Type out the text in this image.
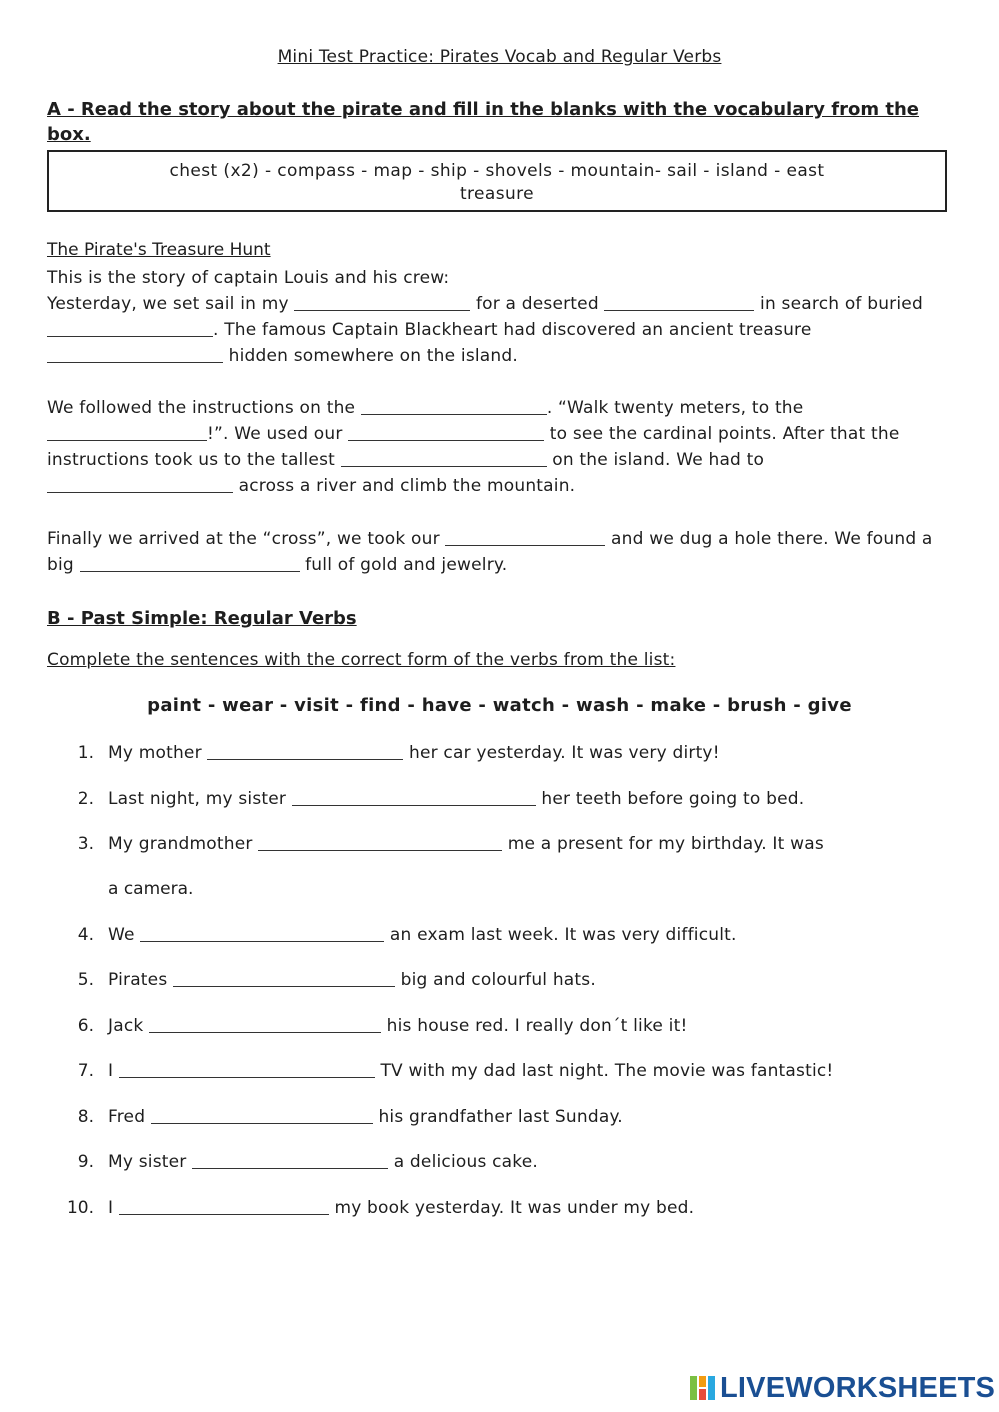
Mini Test Practice: Pirates Vocab and Regular Verbs
A - Read the story about the pirate and fill in the blanks with the vocabulary from the box.
chest (x2) - compass - map - ship - shovels - mountain- sail - island - east
treasure
The Pirate's Treasure Hunt
This is the story of captain Louis and his crew:
Yesterday, we set sail in my	for a deserted	in search of buried . The famous Captain Blackheart had discovered an ancient treasure  hidden somewhere on the island.
We followed the instructions on the	. “Walk twenty meters, to the !”. We used our	to see the cardinal points. After that the instructions took us to the tallest	on the island. We had to  across a river and climb the mountain.
Finally we arrived at the “cross”, we took our	and we dug a hole there. We found a big	full of gold and jewelry.
B - Past Simple: Regular Verbs
Complete the sentences with the correct form of the verbs from the list:
paint - wear - visit - find - have - watch - wash - make - brush - give
1. My mother	her car yesterday. It was very dirty!
2. Last night, my sister	her teeth before going to bed.
3. My grandmother	me a present for my birthday. It was
a camera.
4. We	an exam last week. It was very difficult.
5. Pirates	big and colourful hats.
6. Jack	his house red. I really don´t like it!
7. I	TV with my dad last night. The movie was fantastic!
8. Fred	his grandfather last Sunday.
9. My sister	a delicious cake.
10. I	my book yesterday. It was under my bed.
LIVEWORKSHEETS
